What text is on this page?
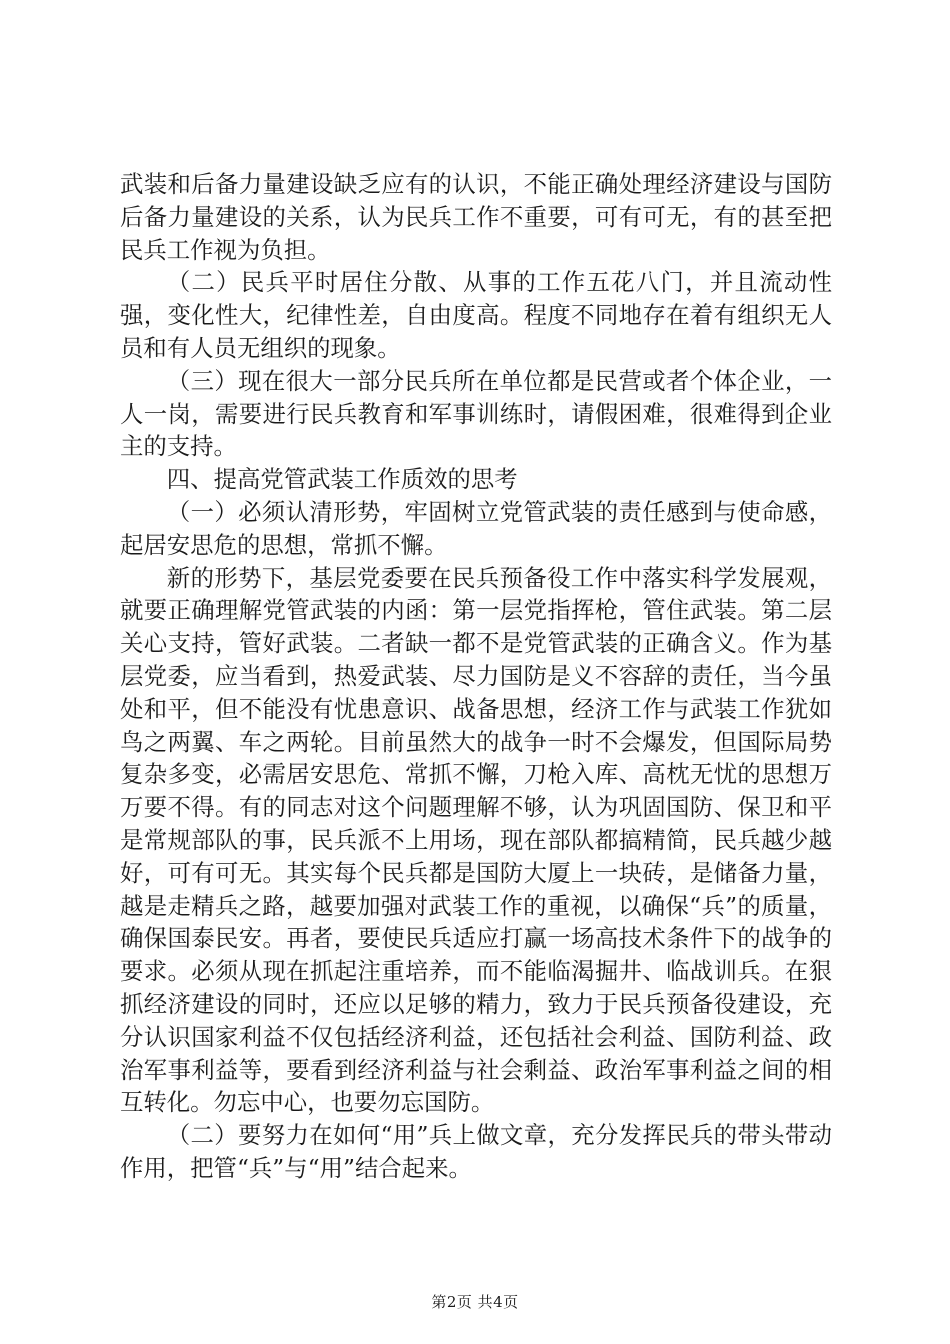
武装和后备力量建设缺乏应有的认识，不能正确处理经济建设与国防后备力量建设的关系，认为民兵工作不重要，可有可无，有的甚至把民兵工作视为负担。

（二）民兵平时居住分散、从事的工作五花八门，并且流动性强，变化性大，纪律性差，自由度高。程度不同地存在着有组织无人员和有人员无组织的现象。

（三）现在很大一部分民兵所在单位都是民营或者个体企业，一人一岗，需要进行民兵教育和军事训练时，请假困难，很难得到企业主的支持。

四、提高党管武装工作质效的思考

（一）必须认清形势，牢固树立党管武装的责任感到与使命感，起居安思危的思想，常抓不懈。

新的形势下，基层党委要在民兵预备役工作中落实科学发展观，就要正确理解党管武装的内函：第一层党指挥枪，管住武装。第二层关心支持，管好武装。二者缺一都不是党管武装的正确含义。作为基层党委，应当看到，热爱武装、尽力国防是义不容辞的责任，当今虽处和平，但不能没有忧患意识、战备思想，经济工作与武装工作犹如鸟之两翼、车之两轮。目前虽然大的战争一时不会爆发，但国际局势复杂多变，必需居安思危、常抓不懈，刀枪入库、高枕无忧的思想万万要不得。有的同志对这个问题理解不够，认为巩固国防、保卫和平是常规部队的事，民兵派不上用场，现在部队都搞精简，民兵越少越好，可有可无。其实每个民兵都是国防大厦上一块砖，是储备力量，越是走精兵之路，越要加强对武装工作的重视，以确保“兵”的质量，确保国泰民安。再者，要使民兵适应打赢一场高技术条件下的战争的要求。必须从现在抓起注重培养，而不能临渴掘井、临战训兵。在狠抓经济建设的同时，还应以足够的精力，致力于民兵预备役建设，充分认识国家利益不仅包括经济利益，还包括社会利益、国防利益、政治军事利益等，要看到经济利益与社会剩益、政治军事利益之间的相互转化。勿忘中心，也要勿忘国防。

（二）要努力在如何“用”兵上做文章，充分发挥民兵的带头带动作用，把管“兵”与“用”结合起来。

第2页 共4页
